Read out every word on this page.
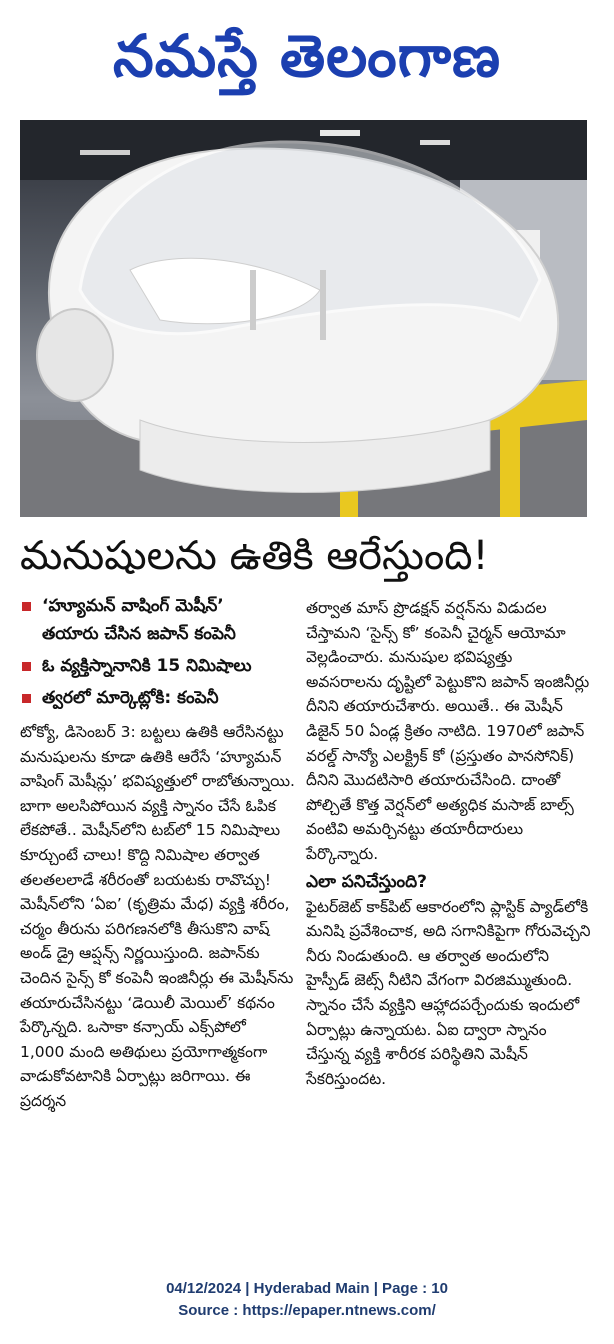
నమస్తే తెలంగాణ
మనుషులను ఉతికి ఆరేస్తుంది!
‘హ్యూమన్ వాషింగ్ మెషీన్’
తయారు చేసిన జపాన్ కంపెనీ
ఓ వ్యక్తిస్నానానికి 15 నిమిషాలు
త్వరలో మార్కెట్లోకి: కంపెనీ

టోక్యో, డిసెంబర్ 3: బట్టలు ఉతికి ఆరేసినట్టు మనుషులను కూడా ఉతికి ఆరేసే ‘హ్యూమన్ వాషింగ్ మెషీన్లు’ భవిష్యత్తులో రాబోతున్నాయి. బాగా అలసిపోయిన వ్యక్తి స్నానం చేసే ఓపిక లేకపోతే.. మెషీన్‌లోని టబ్‌లో 15 నిమిషాలు కూర్చుంటే చాలు! కొద్ది నిమిషాల తర్వాత తలతలలాడే శరీరంతో బయటకు రావొచ్చు! మెషీన్‌లోని ‘ఏఐ’ (కృత్రిమ మేధ) వ్యక్తి శరీరం, చర్మం తీరును పరిగణనలోకి తీసుకొని వాష్ అండ్ డ్రై ఆప్షన్స్ నిర్ణయిస్తుంది. జపాన్‌కు చెందిన సైన్స్ కో కంపెనీ ఇంజినీర్లు ఈ మెషీన్‌ను తయారుచేసినట్టు ‘డెయిలీ మెయిల్’ కథనం పేర్కొన్నది. ఒసాకా కన్సాయ్ ఎక్స్‌పోలో 1,000 మంది అతిథులు ప్రయోగాత్మకంగా వాడుకోవటానికి ఏర్పాట్లు జరిగాయి. ఈ ప్రదర్శన

తర్వాత మాస్ ప్రొడక్షన్ వర్షన్‌ను విడుదల చేస్తామని ‘సైన్స్ కో’ కంపెనీ చైర్మన్ ఆయోమా వెల్లడించారు. మనుషుల భవిష్యత్తు అవసరాలను దృష్టిలో పెట్టుకొని జపాన్ ఇంజినీర్లు దీనిని తయారుచేశారు. అయితే.. ఈ మెషీన్ డిజైన్ 50 ఏండ్ల క్రితం నాటిది. 1970లో జపాన్ వరల్డ్ సాన్యో ఎలక్ట్రిక్ కో (ప్రస్తుతం పానసోనిక్) దీనిని మొదటిసారి తయారుచేసింది. దాంతో పోల్చితే కొత్త వెర్షన్‌లో అత్యధిక మసాజ్ బాల్స్ వంటివి అమర్చినట్టు తయారీదారులు పేర్కొన్నారు.

ఎలా పనిచేస్తుంది?

ఫైటర్‌జెట్ కాక్‌పిట్ ఆకారంలోని ప్లాస్టిక్ ప్యాడ్‌లోకి మనిషి ప్రవేశించాక, అది సగానికిపైగా గోరువెచ్చని నీరు నిండుతుంది. ఆ తర్వాత అందులోని హైస్పీడ్ జెట్స్ నీటిని వేగంగా విరజిమ్ముతుంది. స్నానం చేసే వ్యక్తిని ఆహ్లాదపర్చేందుకు ఇందులో ఏర్పాట్లు ఉన్నాయట. ఏఐ ద్వారా స్నానం చేస్తున్న వ్యక్తి శారీరక పరిస్థితిని మెషీన్ సేకరిస్తుందట.

04/12/2024 | Hyderabad Main | Page : 10
Source : https://epaper.ntnews.com/
